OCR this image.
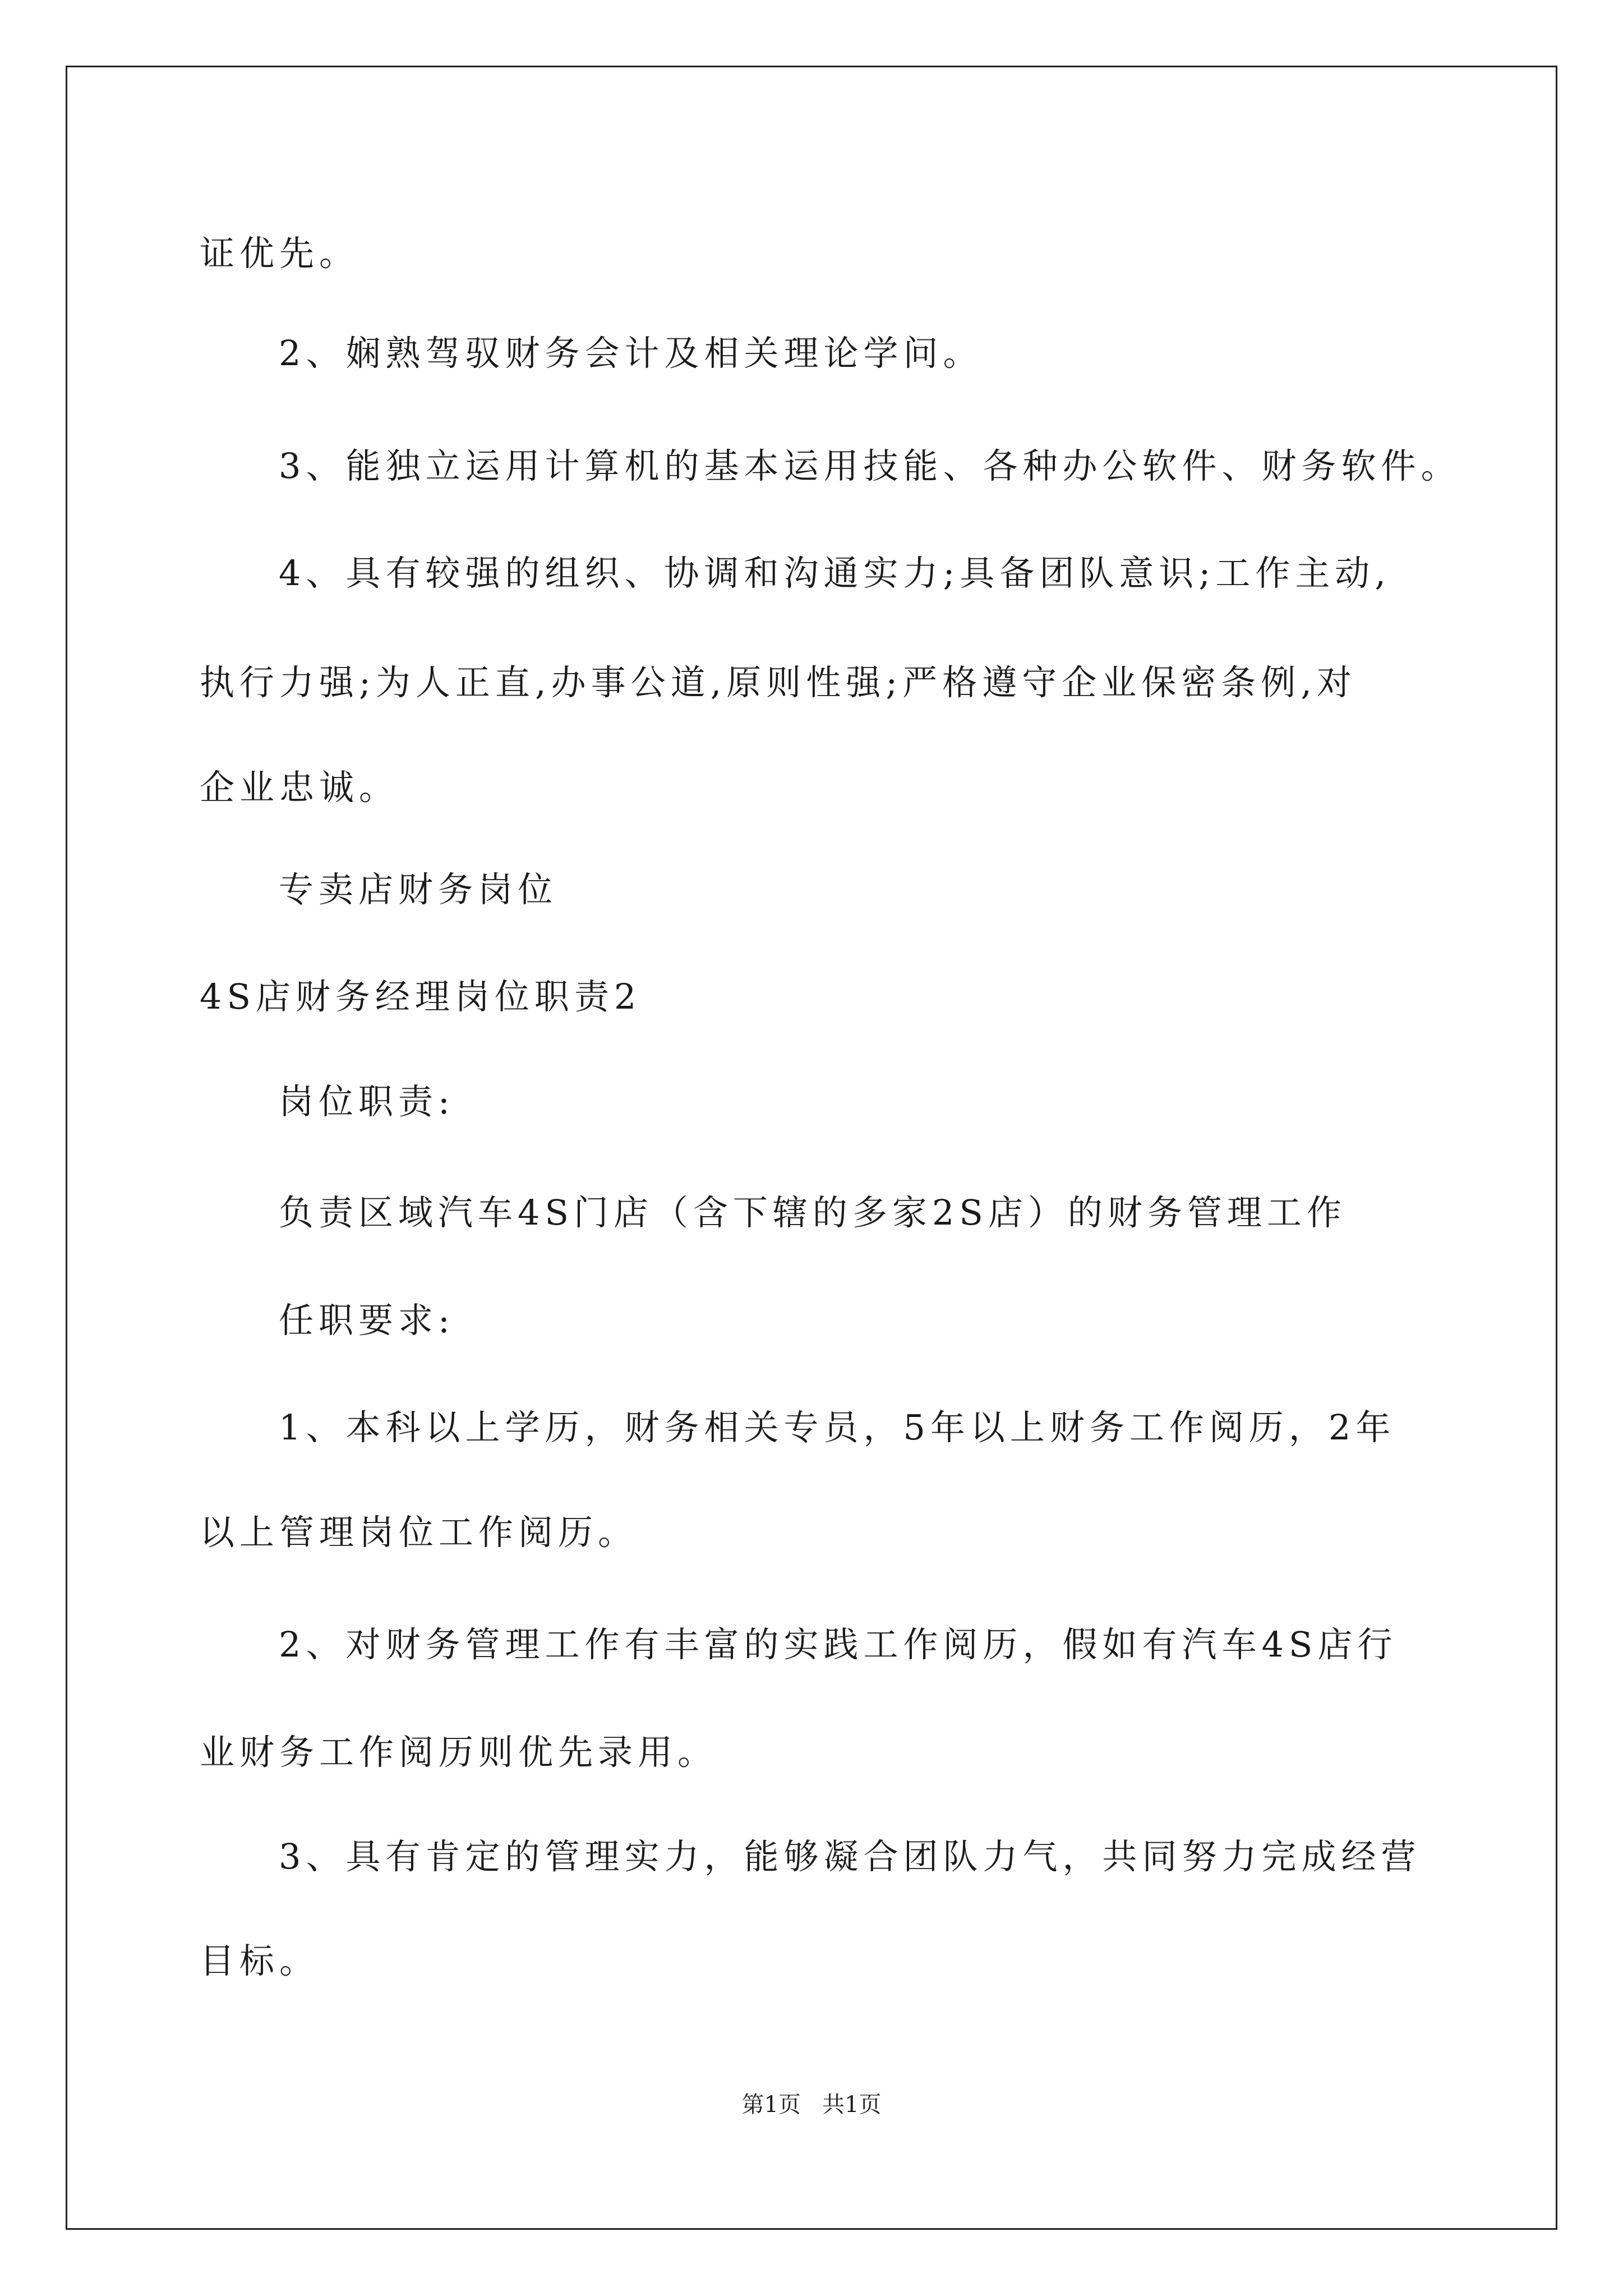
证优先。
2、娴熟驾驭财务会计及相关理论学问。
3、能独立运用计算机的基本运用技能、各种办公软件、财务软件。
4、具有较强的组织、协调和沟通实力;具备团队意识;工作主动,
执行力强;为人正直,办事公道,原则性强;严格遵守企业保密条例,对
企业忠诚。
专卖店财务岗位
4S店财务经理岗位职责2
岗位职责:
负责区域汽车4S门店（含下辖的多家2S店）的财务管理工作
任职要求:
1、本科以上学历，财务相关专员，5年以上财务工作阅历，2年
以上管理岗位工作阅历。
2、对财务管理工作有丰富的实践工作阅历，假如有汽车4S店行
业财务工作阅历则优先录用。
3、具有肯定的管理实力，能够凝合团队力气，共同努力完成经营
目标。
第1页   共1页
